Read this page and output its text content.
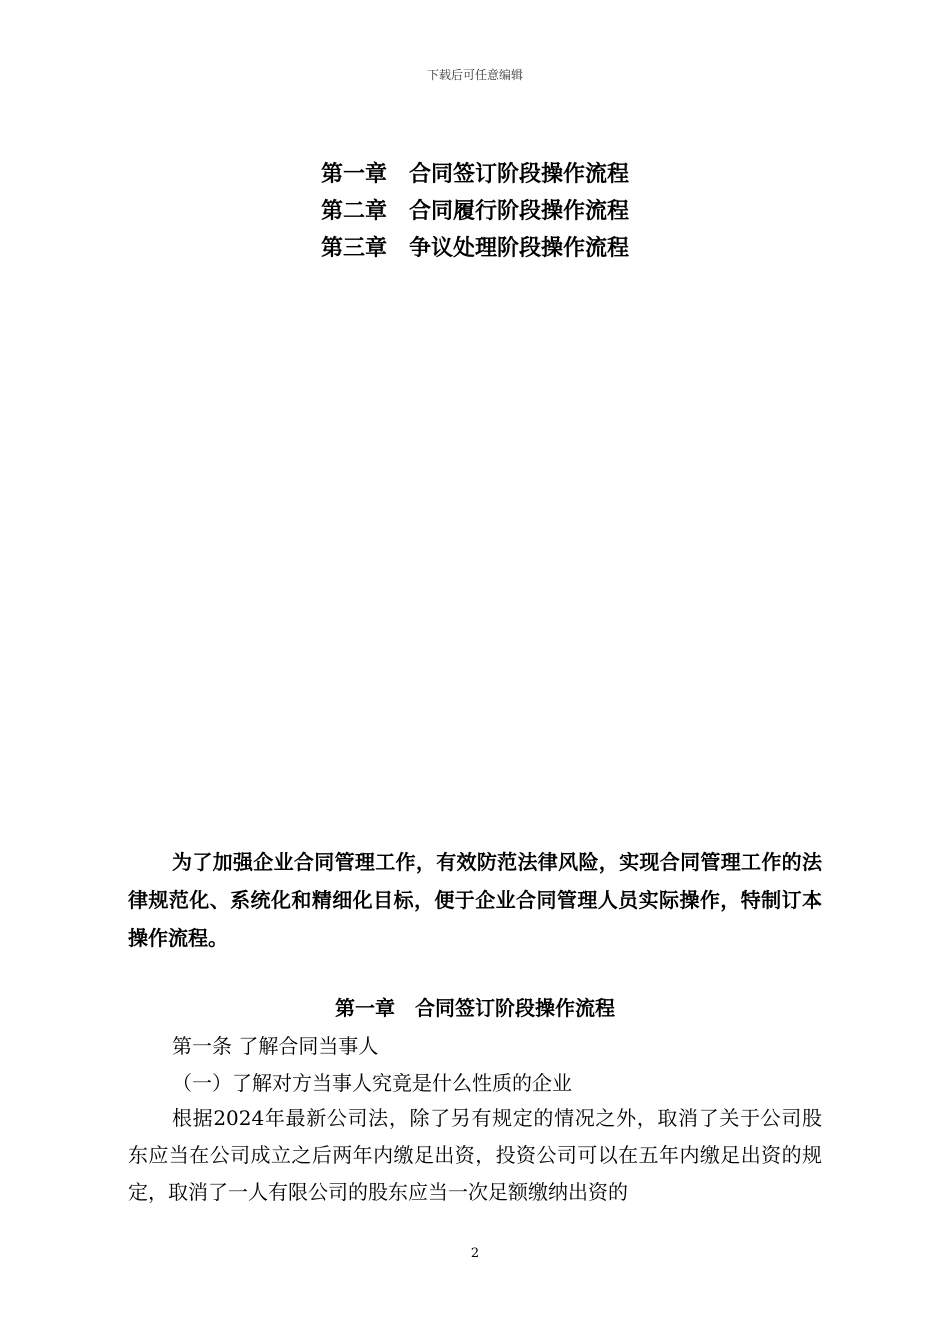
下载后可任意编辑
第一章　合同签订阶段操作流程
第二章　合同履行阶段操作流程
第三章　争议处理阶段操作流程
为了加强企业合同管理工作，有效防范法律风险，实现合同管理工作的法律规范化、系统化和精细化目标，便于企业合同管理人员实际操作，特制订本操作流程。
第一章　合同签订阶段操作流程
第一条 了解合同当事人
（一）了解对方当事人究竟是什么性质的企业
根据2024年最新公司法，除了另有规定的情况之外，取消了关于公司股东应当在公司成立之后两年内缴足出资，投资公司可以在五年内缴足出资的规定，取消了一人有限公司的股东应当一次足额缴纳出资的
2
